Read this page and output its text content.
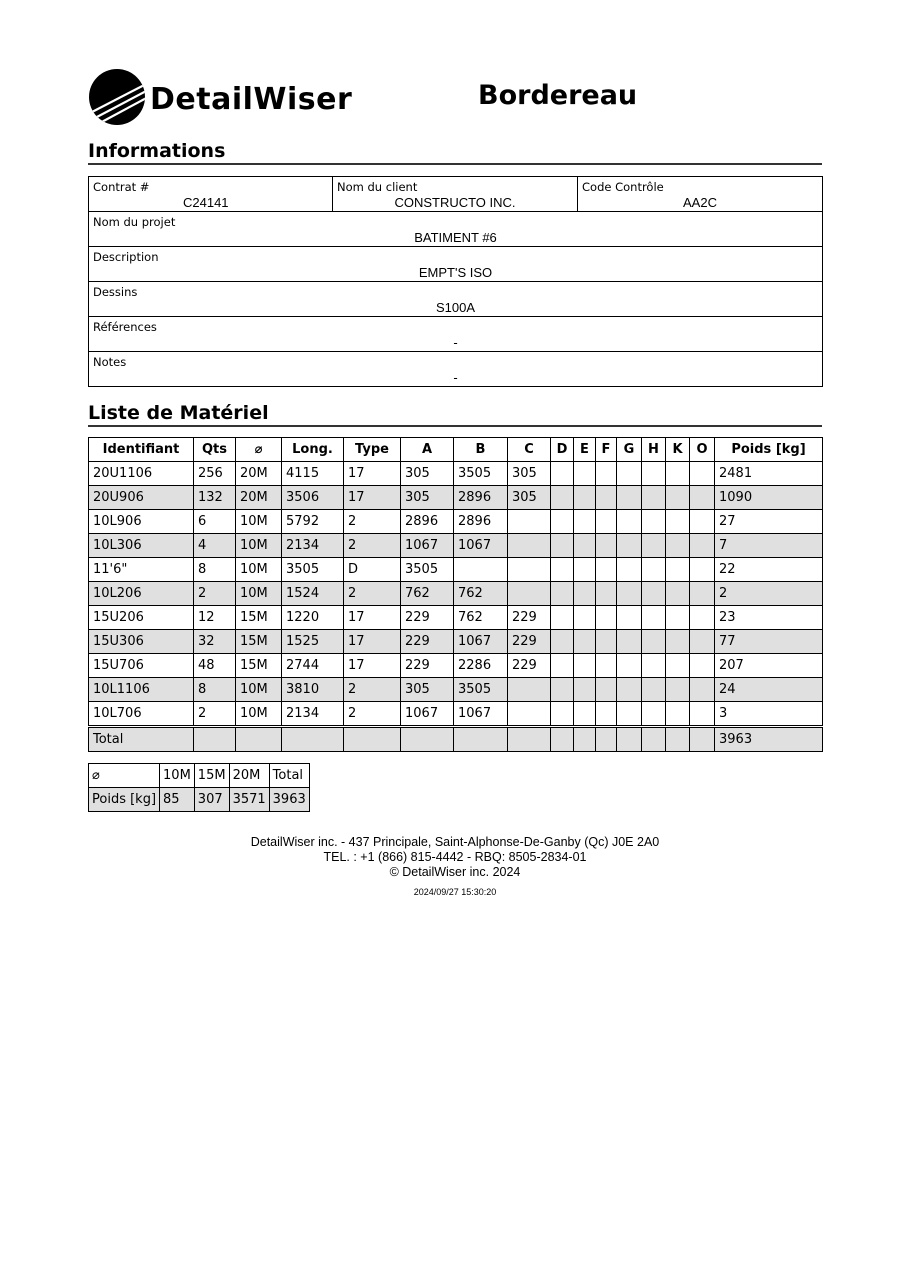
DetailWiser	Bordereau
Informations
Contrat #
C24141

Nom du client
CONSTRUCTO INC.

Code Contrôle
AA2C

Nom du projet
BATIMENT #6

Description
EMPT'S ISO

Dessins
S100A

Références
-

Notes
-
Liste de Matériel
Identifiant	Qts	⌀	Long.	Type	A	B	C	D	E	F	G	H	K	O	Poids [kg]
20U1106	256	20M	4115	17	305	3505	305								2481
20U906	132	20M	3506	17	305	2896	305								1090
10L906	6	10M	5792	2	2896	2896									27
10L306	4	10M	2134	2	1067	1067									7
11'6"	8	10M	3505	D	3505										22
10L206	2	10M	1524	2	762	762									2
15U206	12	15M	1220	17	229	762	229								23
15U306	32	15M	1525	17	229	1067	229								77
15U706	48	15M	2744	17	229	2286	229								207
10L1106	8	10M	3810	2	305	3505									24
10L706	2	10M	2134	2	1067	1067									3
Total															3963
⌀	10M	15M	20M	Total
Poids [kg]	85	307	3571	3963
DetailWiser inc. - 437 Principale, Saint-Alphonse-De-Ganby (Qc) J0E 2A0
TEL. : +1 (866) 815-4442 - RBQ: 8505-2834-01
© DetailWiser inc. 2024
2024/09/27 15:30:20
